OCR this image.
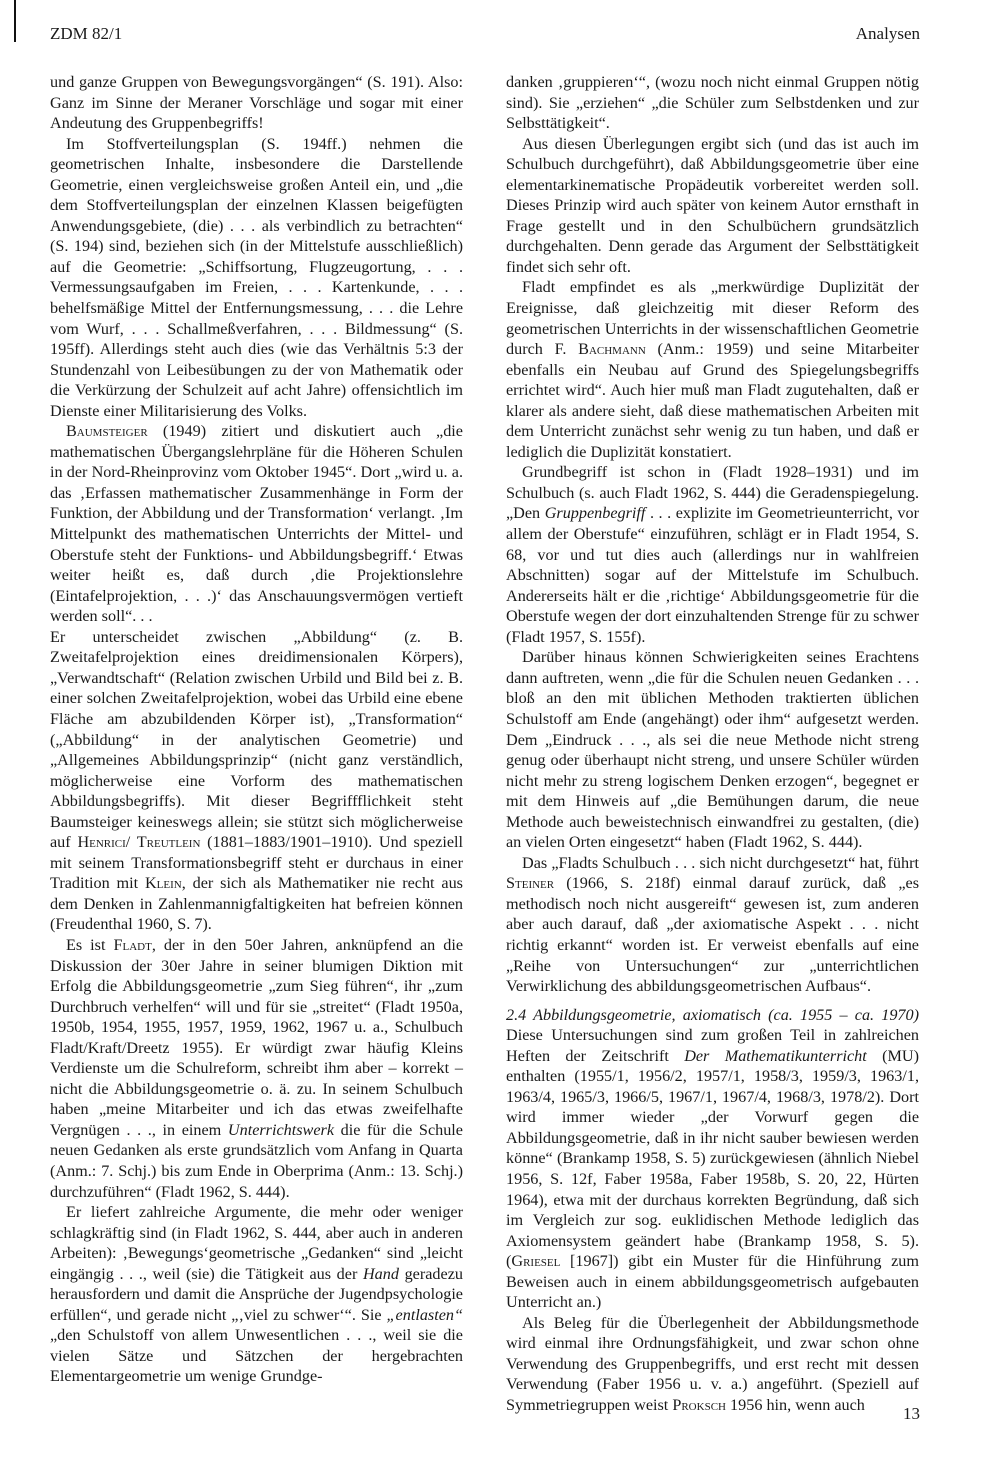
ZDM 82/1	Analysen

und ganze Gruppen von Bewegungsvorgängen“ (S. 191). Also: Ganz im Sinne der Meraner Vorschläge und sogar mit einer Andeutung des Gruppenbegriffs!

Im Stoffverteilungsplan (S. 194ff.) nehmen die geometrischen Inhalte, insbesondere die Darstellende Geometrie, einen vergleichsweise großen Anteil ein, und „die dem Stoffverteilungsplan der einzelnen Klassen beigefügten Anwendungsgebiete, (die) . . . als verbindlich zu betrachten“ (S. 194) sind, beziehen sich (in der Mittelstufe ausschließlich) auf die Geometrie: „Schiffsortung, Flugzeugortung, . . . Vermessungsaufgaben im Freien, . . . Kartenkunde, . . . behelfsmäßige Mittel der Entfernungsmessung, . . . die Lehre vom Wurf, . . . Schallmeßverfahren, . . . Bildmessung“ (S. 195ff). Allerdings steht auch dies (wie das Verhältnis 5:3 der Stundenzahl von Leibesübungen zu der von Mathematik oder die Verkürzung der Schulzeit auf acht Jahre) offensichtlich im Dienste einer Militarisierung des Volks.

Baumsteiger (1949) zitiert und diskutiert auch „die mathematischen Übergangslehrpläne für die Höheren Schulen in der Nord-Rheinprovinz vom Oktober 1945“. Dort „wird u. a. das ‚Erfassen mathematischer Zusammenhänge in Form der Funktion, der Abbildung und der Transformation‘ verlangt. ‚Im Mittelpunkt des mathematischen Unterrichts der Mittel- und Oberstufe steht der Funktions- und Abbildungsbegriff.‘ Etwas weiter heißt es, daß durch ‚die Projektionslehre (Eintafelprojektion, . . .)‘ das Anschauungsvermögen vertieft werden soll“. . .

Er unterscheidet zwischen „Abbildung“ (z. B. Zweitafelprojektion eines dreidimensionalen Körpers), „Verwandtschaft“ (Relation zwischen Urbild und Bild bei z. B. einer solchen Zweitafelprojektion, wobei das Urbild eine ebene Fläche am abzubildenden Körper ist), „Transformation“ („Abbildung“ in der analytischen Geometrie) und „Allgemeines Abbildungsprinzip“ (nicht ganz verständlich, möglicherweise eine Vorform des mathematischen Abbildungsbegriffs). Mit dieser Begriffflichkeit steht Baumsteiger keineswegs allein; sie stützt sich möglicherweise auf Henrici/ Treutlein (1881–1883/1901–1910). Und speziell mit seinem Transformationsbegriff steht er durchaus in einer Tradition mit Klein, der sich als Mathematiker nie recht aus dem Denken in Zahlenmannigfaltigkeiten hat befreien können (Freudenthal 1960, S. 7).

Es ist Fladt, der in den 50er Jahren, anknüpfend an die Diskussion der 30er Jahre in seiner blumigen Diktion mit Erfolg die Abbildungsgeometrie „zum Sieg führen“, ihr „zum Durchbruch verhelfen“ will und für sie „streitet“ (Fladt 1950a, 1950b, 1954, 1955, 1957, 1959, 1962, 1967 u. a., Schulbuch Fladt/Kraft/Dreetz 1955). Er würdigt zwar häufig Kleins Verdienste um die Schulreform, schreibt ihm aber – korrekt – nicht die Abbildungsgeometrie o. ä. zu. In seinem Schulbuch haben „meine Mitarbeiter und ich das etwas zweifelhafte Vergnügen . . ., in einem Unterrichtswerk die für die Schule neuen Gedanken als erste grundsätzlich vom Anfang in Quarta (Anm.: 7. Schj.) bis zum Ende in Oberprima (Anm.: 13. Schj.) durchzuführen“ (Fladt 1962, S. 444).

Er liefert zahlreiche Argumente, die mehr oder weniger schlagkräftig sind (in Fladt 1962, S. 444, aber auch in anderen Arbeiten): ‚Bewegungs‘geometrische „Gedanken“ sind „leicht eingängig . . ., weil (sie) die Tätigkeit aus der Hand geradezu herausfordern und damit die Ansprüche der Jugendpsychologie erfüllen“, und gerade nicht „‚viel zu schwer‘“. Sie „entlasten“ „den Schulstoff von allem Unwesentlichen . . ., weil sie die vielen Sätze und Sätzchen der hergebrachten Elementargeometrie um wenige Grundge-

danken ‚gruppieren‘“, (wozu noch nicht einmal Gruppen nötig sind). Sie „erziehen“ „die Schüler zum Selbstdenken und zur Selbsttätigkeit“.

Aus diesen Überlegungen ergibt sich (und das ist auch im Schulbuch durchgeführt), daß Abbildungsgeometrie über eine elementarkinematische Propädeutik vorbereitet werden soll. Dieses Prinzip wird auch später von keinem Autor ernsthaft in Frage gestellt und in den Schulbüchern grundsätzlich durchgehalten. Denn gerade das Argument der Selbsttätigkeit findet sich sehr oft.

Fladt empfindet es als „merkwürdige Duplizität der Ereignisse, daß gleichzeitig mit dieser Reform des geometrischen Unterrichts in der wissenschaftlichen Geometrie durch F. Bachmann (Anm.: 1959) und seine Mitarbeiter ebenfalls ein Neubau auf Grund des Spiegelungsbegriffs errichtet wird“. Auch hier muß man Fladt zugutehalten, daß er klarer als andere sieht, daß diese mathematischen Arbeiten mit dem Unterricht zunächst sehr wenig zu tun haben, und daß er lediglich die Duplizität konstatiert.

Grundbegriff ist schon in (Fladt 1928–1931) und im Schulbuch (s. auch Fladt 1962, S. 444) die Geradenspiegelung. „Den Gruppenbegriff . . . explizite im Geometrieunterricht, vor allem der Oberstufe“ einzuführen, schlägt er in Fladt 1954, S. 68, vor und tut dies auch (allerdings nur in wahlfreien Abschnitten) sogar auf der Mittelstufe im Schulbuch. Andererseits hält er die ‚richtige‘ Abbildungsgeometrie für die Oberstufe wegen der dort einzuhaltenden Strenge für zu schwer (Fladt 1957, S. 155f).

Darüber hinaus können Schwierigkeiten seines Erachtens dann auftreten, wenn „die für die Schulen neuen Gedanken . . . bloß an den mit üblichen Methoden traktierten üblichen Schulstoff am Ende (angehängt) oder ihm“ aufgesetzt werden. Dem „Eindruck . . ., als sei die neue Methode nicht streng genug oder überhaupt nicht streng, und unsere Schüler würden nicht mehr zu streng logischem Denken erzogen“, begegnet er mit dem Hinweis auf „die Bemühungen darum, die neue Methode auch beweistechnisch einwandfrei zu gestalten, (die) an vielen Orten eingesetzt“ haben (Fladt 1962, S. 444).

Das „Fladts Schulbuch . . . sich nicht durchgesetzt“ hat, führt Steiner (1966, S. 218f) einmal darauf zurück, daß „es methodisch noch nicht ausgereift“ gewesen ist, zum anderen aber auch darauf, daß „der axiomatische Aspekt . . . nicht richtig erkannt“ worden ist. Er verweist ebenfalls auf eine „Reihe von Untersuchungen“ zur „unterrichtlichen Verwirklichung des abbildungsgeometrischen Aufbaus“.

2.4 Abbildungsgeometrie, axiomatisch (ca. 1955 – ca. 1970) Diese Untersuchungen sind zum großen Teil in zahlreichen Heften der Zeitschrift Der Mathematikunterricht (MU) enthalten (1955/1, 1956/2, 1957/1, 1958/3, 1959/3, 1963/1, 1963/4, 1965/3, 1966/5, 1967/1, 1967/4, 1968/3, 1978/2). Dort wird immer wieder „der Vorwurf gegen die Abbildungsgeometrie, daß in ihr nicht sauber bewiesen werden könne“ (Brankamp 1958, S. 5) zurückgewiesen (ähnlich Niebel 1956, S. 12f, Faber 1958a, Faber 1958b, S. 20, 22, Hürten 1964), etwa mit der durchaus korrekten Begründung, daß sich im Vergleich zur sog. euklidischen Methode lediglich das Axiomensystem geändert habe (Brankamp 1958, S. 5). (Griesel [1967]) gibt ein Muster für die Hinführung zum Beweisen auch in einem abbildungsgeometrisch aufgebauten Unterricht an.)

Als Beleg für die Überlegenheit der Abbildungsmethode wird einmal ihre Ordnungsfähigkeit, und zwar schon ohne Verwendung des Gruppenbegriffs, und erst recht mit dessen Verwendung (Faber 1956 u. v. a.) angeführt. (Speziell auf Symmetriegruppen weist Proksch 1956 hin, wenn auch	13
